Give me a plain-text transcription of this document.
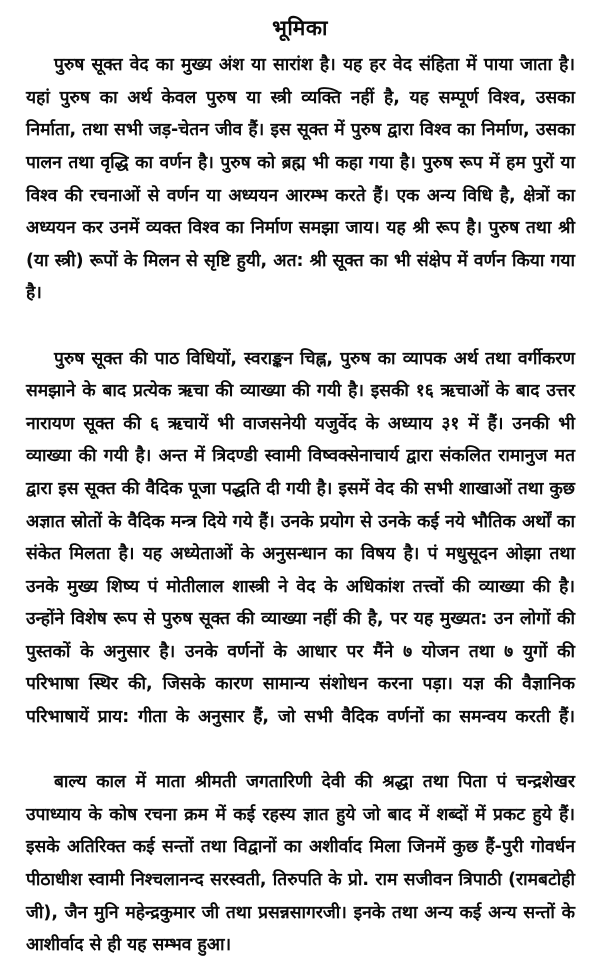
भूमिका

पुरुष सूक्त वेद का मुख्य अंश या सारांश है। यह हर वेद संहिता में पाया जाता है। यहां पुरुष का अर्थ केवल पुरुष या स्त्री व्यक्ति नहीं है, यह सम्पूर्ण विश्व, उसका निर्माता, तथा सभी जड़-चेतन जीव हैं। इस सूक्त में पुरुष द्वारा विश्व का निर्माण, उसका पालन तथा वृद्धि का वर्णन है। पुरुष को ब्रह्म भी कहा गया है। पुरुष रूप में हम पुरों या विश्व की रचनाओं से वर्णन या अध्ययन आरम्भ करते हैं। एक अन्य विधि है, क्षेत्रों का अध्ययन कर उनमें व्यक्त विश्व का निर्माण समझा जाय। यह श्री रूप है। पुरुष तथा श्री (या स्त्री) रूपों के मिलन से सृष्टि हुयी, अत: श्री सूक्त का भी संक्षेप में वर्णन किया गया है।

पुरुष सूक्त की पाठ विधियों, स्वराङ्कन चिह्न, पुरुष का व्यापक अर्थ तथा वर्गीकरण समझाने के बाद प्रत्येक ऋचा की व्याख्या की गयी है। इसकी १६ ऋचाओं के बाद उत्तर नारायण सूक्त की ६ ऋचायें भी वाजसनेयी यजुर्वेद के अध्याय ३१ में हैं। उनकी भी व्याख्या की गयी है। अन्त में त्रिदण्डी स्वामी विष्वक्सेनाचार्य द्वारा संकलित रामानुज मत द्वारा इस सूक्त की वैदिक पूजा पद्धति दी गयी है। इसमें वेद की सभी शाखाओं तथा कुछ अज्ञात स्रोतों के वैदिक मन्त्र दिये गये हैं। उनके प्रयोग से उनके कई नये भौतिक अर्थों का संकेत मिलता है। यह अध्येताओं के अनुसन्धान का विषय है। पं मधुसूदन ओझा तथा उनके मुख्य शिष्य पं मोतीलाल शास्त्री ने वेद के अधिकांश तत्त्वों की व्याख्या की है। उन्होंने विशेष रूप से पुरुष सूक्त की व्याख्या नहीं की है, पर यह मुख्यत: उन लोगों की पुस्तकों के अनुसार है। उनके वर्णनों के आधार पर मैंने ७ योजन तथा ७ युगों की परिभाषा स्थिर की, जिसके कारण सामान्य संशोधन करना पड़ा। यज्ञ की वैज्ञानिक परिभाषायें प्राय: गीता के अनुसार हैं, जो सभी वैदिक वर्णनों का समन्वय करती हैं।

बाल्य काल में माता श्रीमती जगतारिणी देवी की श्रद्धा तथा पिता पं चन्द्रशेखर उपाध्याय के कोष रचना क्रम में कई रहस्य ज्ञात हुये जो बाद में शब्दों में प्रकट हुये हैं। इसके अतिरिक्त कई सन्तों तथा विद्वानों का अशीर्वाद मिला जिनमें कुछ हैं-पुरी गोवर्धन पीठाधीश स्वामी निश्चलानन्द सरस्वती, तिरुपति के प्रो. राम सजीवन त्रिपाठी (रामबटोही जी), जैन मुनि महेन्द्रकुमार जी तथा प्रसन्नसागरजी। इनके तथा अन्य कई अन्य सन्तों के आशीर्वाद से ही यह सम्भव हुआ।
